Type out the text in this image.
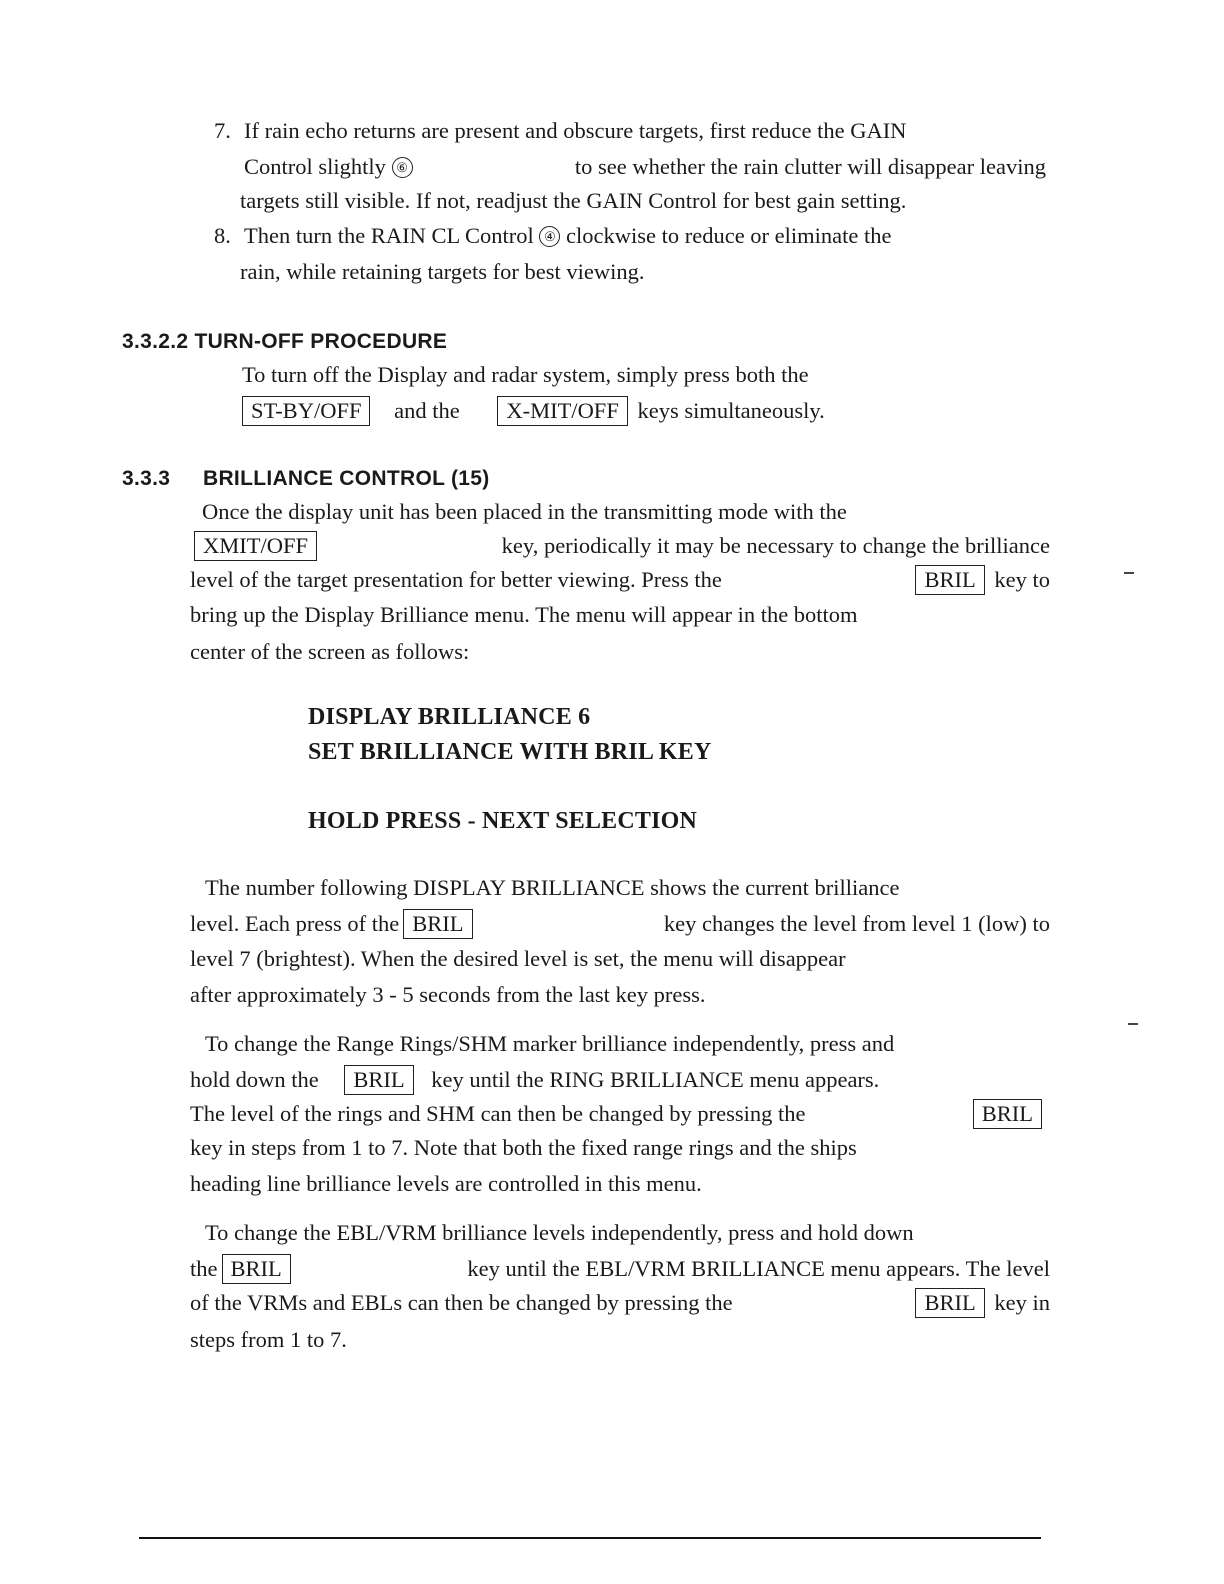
7. If rain echo returns are present and obscure targets, first reduce the GAIN
Control slightly ⑥	to see whether the rain clutter will disappear leaving
targets still visible. If not, readjust the GAIN Control for best gain setting.
8. Then turn the RAIN CL Control ④ clockwise to reduce or eliminate the
rain, while retaining targets for best viewing.
3.3.2.2 TURN-OFF PROCEDURE
To turn off the Display and radar system, simply press both the
ST-BY/OFF and the X-MIT/OFF keys simultaneously.
3.3.3 BRILLIANCE CONTROL (15)
Once the display unit has been placed in the transmitting mode with the
XMIT/OFF	key, periodically it may be necessary to change the brilliance
level of the target presentation for better viewing. Press the	BRIL key to
bring up the Display Brilliance menu. The menu will appear in the bottom
center of the screen as follows:
DISPLAY BRILLIANCE 6
SET BRILLIANCE WITH BRIL KEY
HOLD PRESS - NEXT SELECTION
The number following DISPLAY BRILLIANCE shows the current brilliance
level. Each press of the BRIL	key changes the level from level 1 (low) to
level 7 (brightest). When the desired level is set, the menu will disappear
after approximately 3 - 5 seconds from the last key press.
To change the Range Rings/SHM marker brilliance independently, press and
hold down the BRIL key until the RING BRILLIANCE menu appears.
The level of the rings and SHM can then be changed by pressing the	BRIL
key in steps from 1 to 7. Note that both the fixed range rings and the ships
heading line brilliance levels are controlled in this menu.
To change the EBL/VRM brilliance levels independently, press and hold down
the BRIL	key until the EBL/VRM BRILLIANCE menu appears. The level
of the VRMs and EBLs can then be changed by pressing the	BRIL key in
steps from 1 to 7.
